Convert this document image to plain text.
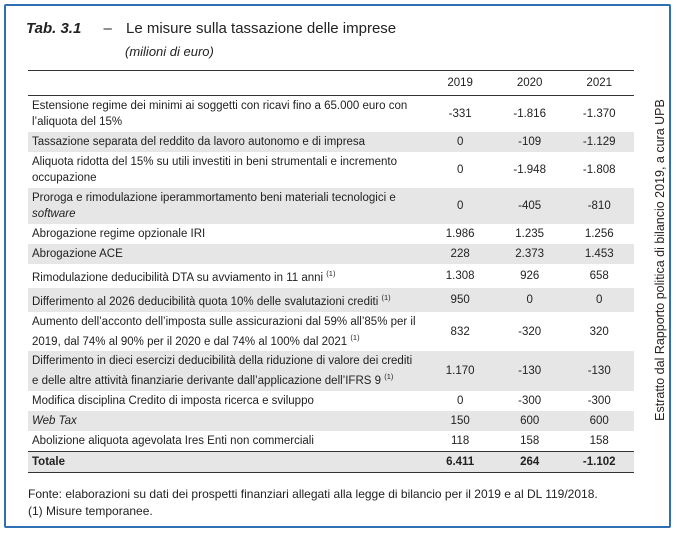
Tab. 3.1 – Le misure sulla tassazione delle imprese
(milioni di euro)
	2019	2020	2021
Estensione regime dei minimi ai soggetti con ricavi fino a 65.000 euro con l’aliquota del 15%	-331	-1.816	-1.370
Tassazione separata del reddito da lavoro autonomo e di impresa	0	-109	-1.129
Aliquota ridotta del 15% su utili investiti in beni strumentali e incremento occupazione	0	-1.948	-1.808
Proroga e rimodulazione iperammortamento beni materiali tecnologici e software	0	-405	-810
Abrogazione regime opzionale IRI	1.986	1.235	1.256
Abrogazione ACE	228	2.373	1.453
Rimodulazione deducibilità DTA su avviamento in 11 anni $^{(1)}$	1.308	926	658
Differimento al 2026 deducibilità quota 10% delle svalutazioni crediti $^{(1)}$	950	0	0
Aumento dell’acconto dell’imposta sulle assicurazioni dal 59% all’85% per il 2019, dal 74% al 90% per il 2020 e dal 74% al 100% dal 2021 $^{(1)}$	832	-320	320
Differimento in dieci esercizi deducibilità della riduzione di valore dei crediti e delle altre attività finanziarie derivante dall’applicazione dell’IFRS 9 $^{(1)}$	1.170	-130	-130
Modifica disciplina Credito di imposta ricerca e sviluppo	0	-300	-300
Web Tax	150	600	600
Abolizione aliquota agevolata Ires Enti non commerciali	118	158	158
Totale	6.411	264	-1.102
Estratto dal Rapporto politica di bilancio 2019, a cura UPB
Fonte: elaborazioni su dati dei prospetti finanziari allegati alla legge di bilancio per il 2019 e al DL 119/2018.
(1) Misure temporanee.
